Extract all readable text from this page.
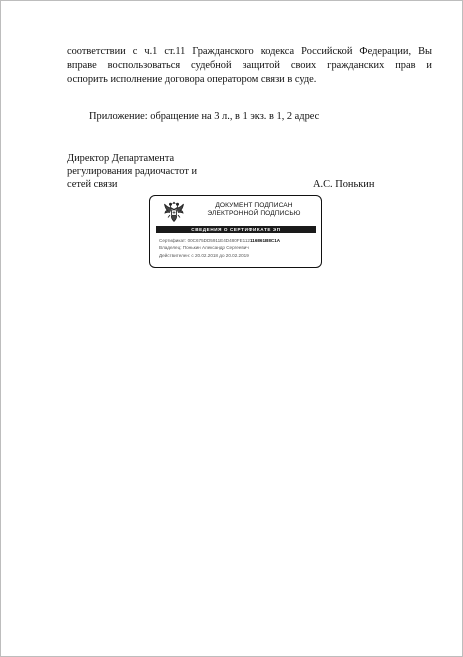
соответствии с ч.1 ст.11 Гражданского кодекса Российской Федерации, Вы
вправе воспользоваться судебной защитой своих гражданских прав и
оспорить исполнение договора оператором связи в суде.
Приложение: обращение на 3 л., в 1 экз. в 1, 2 адрес
Директор Департамента
регулирования радиочастот и
сетей связи	А.С. Понькин
ДОКУМЕНТ ПОДПИСАН
ЭЛЕКТРОННОЙ ПОДПИСЬЮ
СВЕДЕНИЯ О СЕРТИФИКАТЕ ЭП
Сертификат: 00C675DD5911E4D480FE112116861B8C1A
Владелец: Понькин Александр Сергеевич
Действителен: с 20.02.2018 до 20.02.2019
